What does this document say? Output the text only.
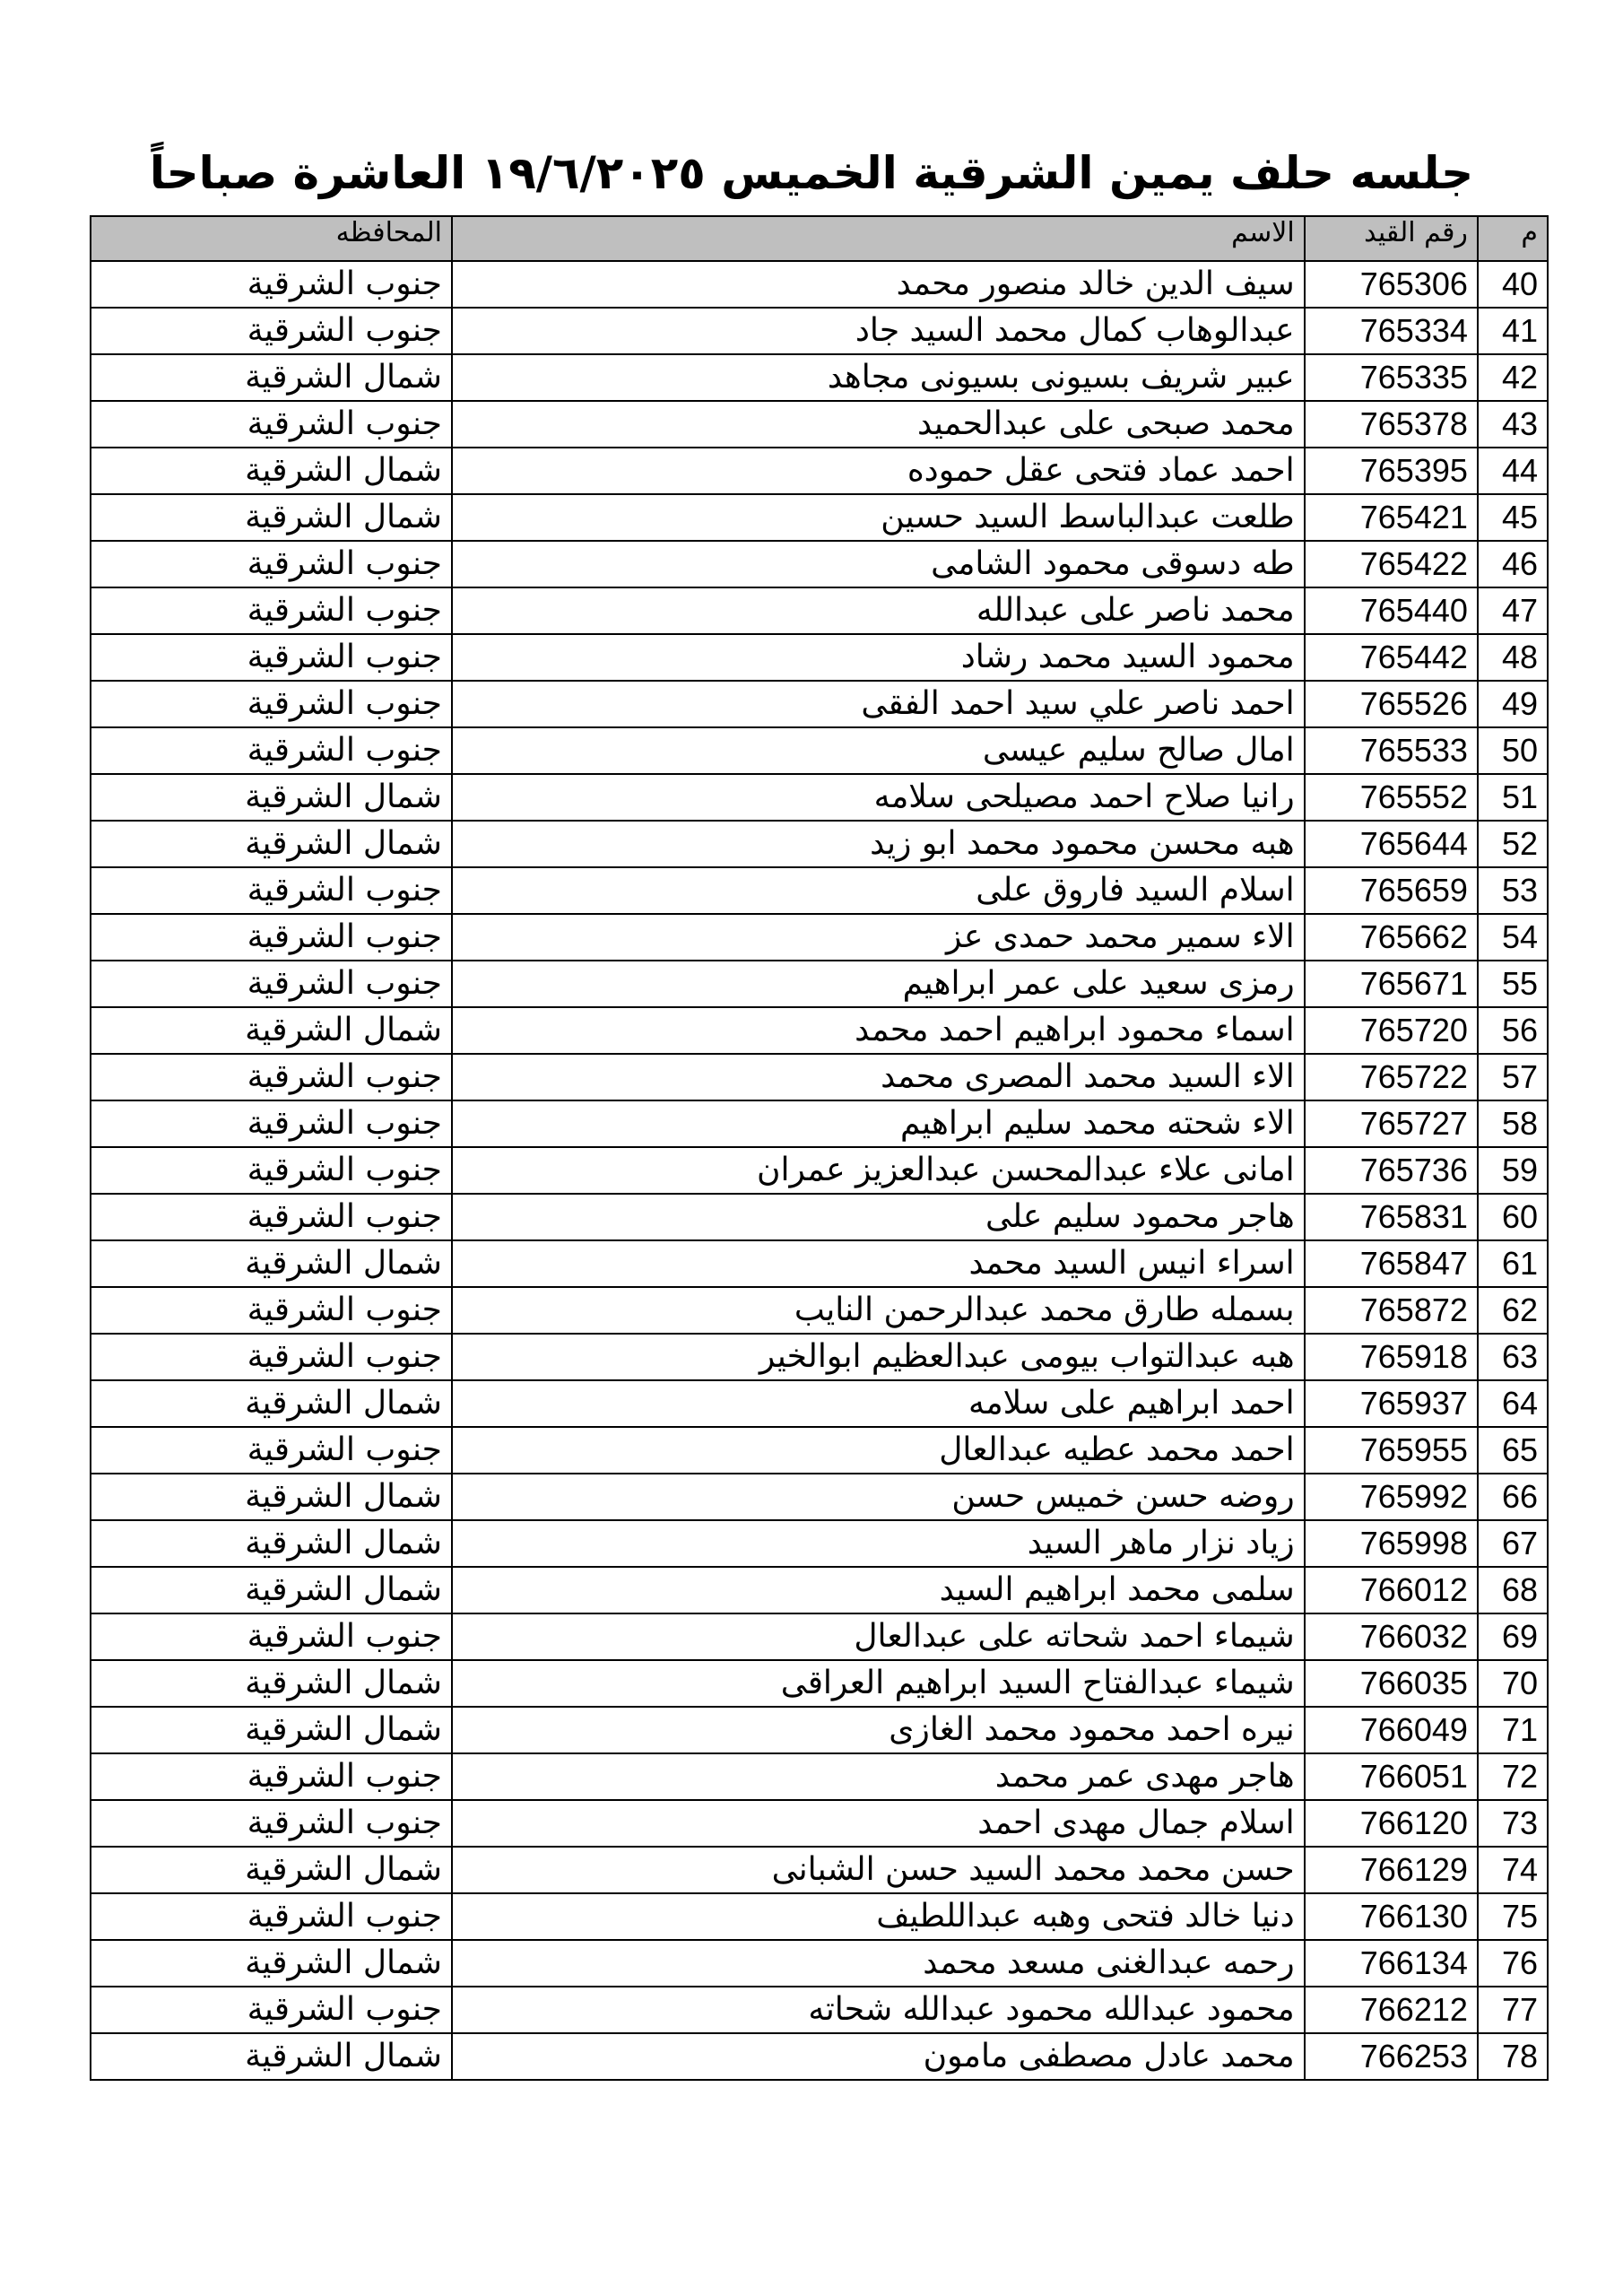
جلسه حلف يمين الشرقية الخميس ١٩/٦/٢٠٢٥ العاشرة صباحاً
م	رقم القيد	الاسم	المحافظه
40	765306	سيف الدين خالد منصور محمد	جنوب الشرقية
41	765334	عبدالوهاب كمال محمد السيد جاد	جنوب الشرقية
42	765335	عبير شريف بسيونى بسيونى مجاهد	شمال الشرقية
43	765378	محمد صبحى على عبدالحميد	جنوب الشرقية
44	765395	احمد عماد فتحى عقل حموده	شمال الشرقية
45	765421	طلعت عبدالباسط السيد حسين	شمال الشرقية
46	765422	طه دسوقى محمود الشامى	جنوب الشرقية
47	765440	محمد ناصر على عبدالله	جنوب الشرقية
48	765442	محمود السيد محمد رشاد	جنوب الشرقية
49	765526	احمد ناصر علي سيد احمد الفقى	جنوب الشرقية
50	765533	امال صالح سليم عيسى	جنوب الشرقية
51	765552	رانيا صلاح احمد مصيلحى سلامه	شمال الشرقية
52	765644	هبه محسن محمود محمد ابو زيد	شمال الشرقية
53	765659	اسلام السيد فاروق على	جنوب الشرقية
54	765662	الاء سمير محمد حمدى عز	جنوب الشرقية
55	765671	رمزى سعيد على عمر ابراهيم	جنوب الشرقية
56	765720	اسماء محمود ابراهيم احمد محمد	شمال الشرقية
57	765722	الاء السيد محمد المصرى محمد	جنوب الشرقية
58	765727	الاء شحته محمد سليم ابراهيم	جنوب الشرقية
59	765736	امانى علاء عبدالمحسن عبدالعزيز عمران	جنوب الشرقية
60	765831	هاجر محمود سليم على	جنوب الشرقية
61	765847	اسراء انيس السيد محمد	شمال الشرقية
62	765872	بسمله طارق محمد عبدالرحمن النايب	جنوب الشرقية
63	765918	هبه عبدالتواب بيومى عبدالعظيم ابوالخير	جنوب الشرقية
64	765937	احمد ابراهيم على سلامه	شمال الشرقية
65	765955	احمد محمد عطيه عبدالعال	جنوب الشرقية
66	765992	روضه حسن خميس حسن	شمال الشرقية
67	765998	زياد نزار ماهر السيد	شمال الشرقية
68	766012	سلمى محمد ابراهيم السيد	شمال الشرقية
69	766032	شيماء احمد شحاته على عبدالعال	جنوب الشرقية
70	766035	شيماء عبدالفتاح السيد ابراهيم العراقى	شمال الشرقية
71	766049	نيره احمد محمود محمد الغازى	شمال الشرقية
72	766051	هاجر مهدى عمر محمد	جنوب الشرقية
73	766120	اسلام جمال مهدى احمد	جنوب الشرقية
74	766129	حسن محمد محمد السيد حسن الشبانى	شمال الشرقية
75	766130	دنيا خالد فتحى وهبه عبداللطيف	جنوب الشرقية
76	766134	رحمه عبدالغنى مسعد محمد	شمال الشرقية
77	766212	محمود عبدالله محمود عبدالله شحاته	جنوب الشرقية
78	766253	محمد عادل مصطفى مامون	شمال الشرقية
